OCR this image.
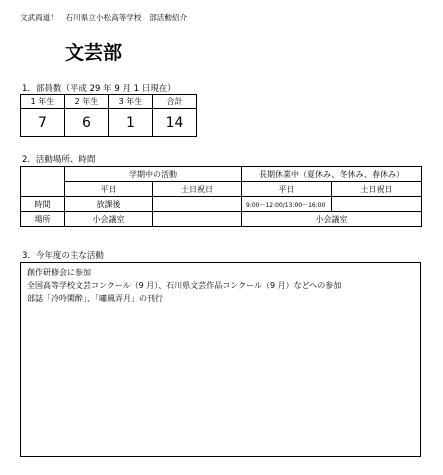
文武両道！　石川県立小松高等学校　部活動紹介
文芸部
1．部員数（平成 29 年 9 月 1 日現在）
1 年生	2 年生	3 年生	合計
7	6	1	14
2．活動場所、時間
	学期中の活動		長期休業中（夏休み、冬休み、春休み）	
	平日	土日祝日	平日	土日祝日
時間	放課後		9:00～12:00/13:00～16:00	
場所	小会議室		小会議室	
3．今年度の主な活動
創作研修会に参加
全国高等学校文芸コンクール（9 月）、石川県文芸作品コンクール（9 月）などへの参加
部誌「冷吟閑酔」、「嘯風弄月」の刊行
